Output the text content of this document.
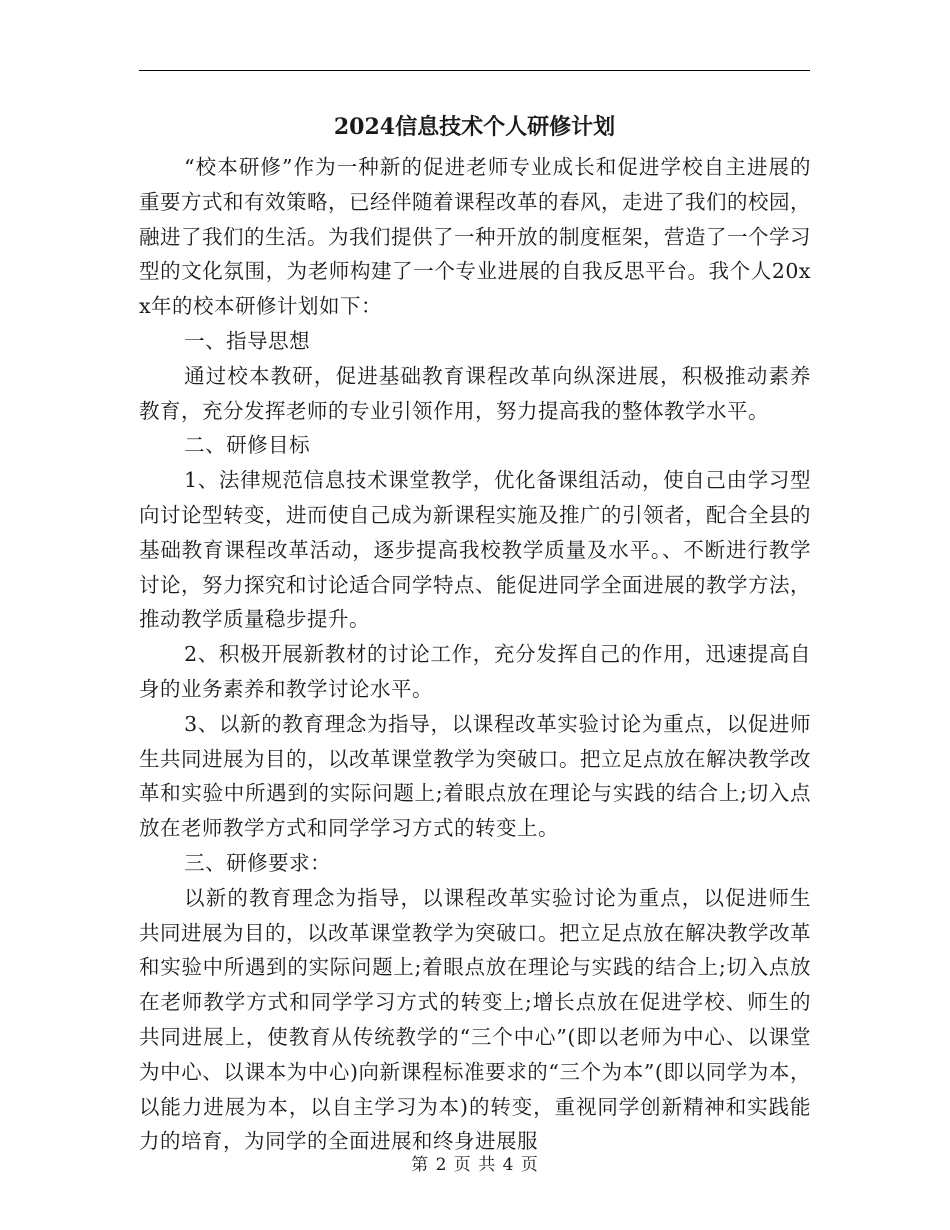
2024信息技术个人研修计划

“校本研修”作为一种新的促进老师专业成长和促进学校自主进展的重要方式和有效策略，已经伴随着课程改革的春风，走进了我们的校园，融进了我们的生活。为我们提供了一种开放的制度框架，营造了一个学习型的文化氛围，为老师构建了一个专业进展的自我反思平台。我个人20xx年的校本研修计划如下：

一、指导思想

通过校本教研，促进基础教育课程改革向纵深进展，积极推动素养教育，充分发挥老师的专业引领作用，努力提高我的整体教学水平。

二、研修目标

1、法律规范信息技术课堂教学，优化备课组活动，使自己由学习型向讨论型转变，进而使自己成为新课程实施及推广的引领者，配合全县的基础教育课程改革活动，逐步提高我校教学质量及水平。、不断进行教学讨论，努力探究和讨论适合同学特点、能促进同学全面进展的教学方法，推动教学质量稳步提升。

2、积极开展新教材的讨论工作，充分发挥自己的作用，迅速提高自身的业务素养和教学讨论水平。

3、以新的教育理念为指导，以课程改革实验讨论为重点，以促进师生共同进展为目的，以改革课堂教学为突破口。把立足点放在解决教学改革和实验中所遇到的实际问题上;着眼点放在理论与实践的结合上;切入点放在老师教学方式和同学学习方式的转变上。

三、研修要求：

以新的教育理念为指导，以课程改革实验讨论为重点，以促进师生共同进展为目的，以改革课堂教学为突破口。把立足点放在解决教学改革和实验中所遇到的实际问题上;着眼点放在理论与实践的结合上;切入点放在老师教学方式和同学学习方式的转变上;增长点放在促进学校、师生的共同进展上，使教育从传统教学的“三个中心”(即以老师为中心、以课堂为中心、以课本为中心)向新课程标准要求的“三个为本”(即以同学为本，以能力进展为本，以自主学习为本)的转变，重视同学创新精神和实践能力的培育，为同学的全面进展和终身进展服

第 2 页 共 4 页
